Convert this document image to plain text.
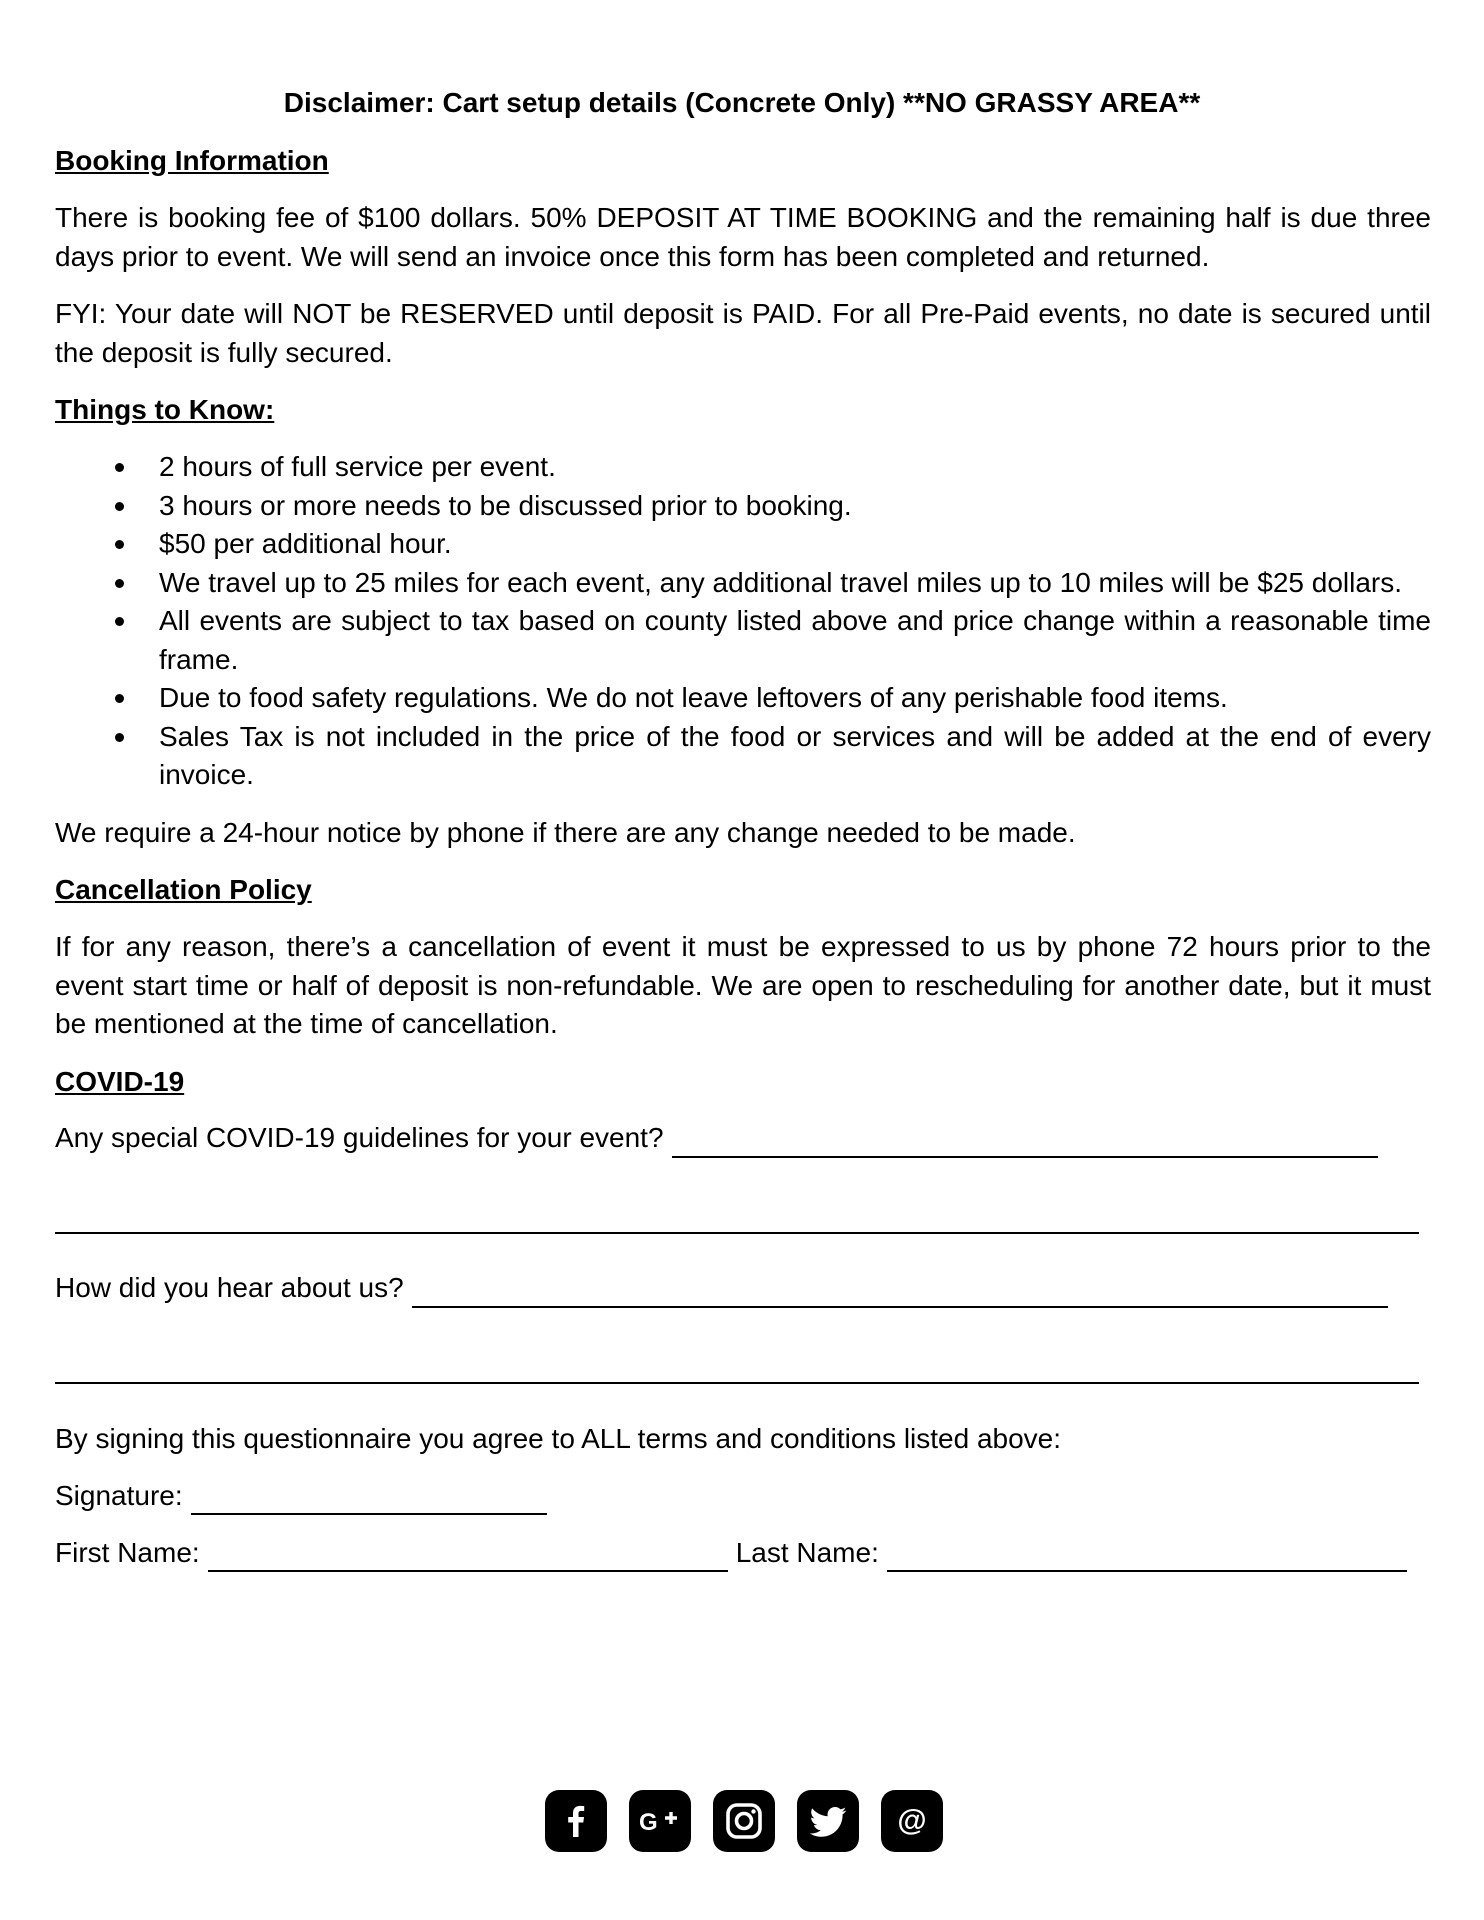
Disclaimer: Cart setup details (Concrete Only) **NO GRASSY AREA**
Booking Information

There is booking fee of $100 dollars. 50% DEPOSIT AT TIME BOOKING and the remaining half is due three days prior to event. We will send an invoice once this form has been completed and returned.

FYI: Your date will NOT be RESERVED until deposit is PAID. For all Pre-Paid events, no date is secured until the deposit is fully secured.

Things to Know:
2 hours of full service per event.
3 hours or more needs to be discussed prior to booking.
$50 per additional hour.
We travel up to 25 miles for each event, any additional travel miles up to 10 miles will be $25 dollars.
All events are subject to tax based on county listed above and price change within a reasonable time frame.
Due to food safety regulations. We do not leave leftovers of any perishable food items.
Sales Tax is not included in the price of the food or services and will be added at the end of every invoice.

We require a 24-hour notice by phone if there are any change needed to be made.

Cancellation Policy

If for any reason, there’s a cancellation of event it must be expressed to us by phone 72 hours prior to the event start time or half of deposit is non-refundable. We are open to rescheduling for another date, but it must be mentioned at the time of cancellation.

COVID-19
Any special COVID-19 guidelines for your event?
How did you hear about us?

By signing this questionnaire you agree to ALL terms and conditions listed above:

Signature:
First Name:	Last Name:
G	@
